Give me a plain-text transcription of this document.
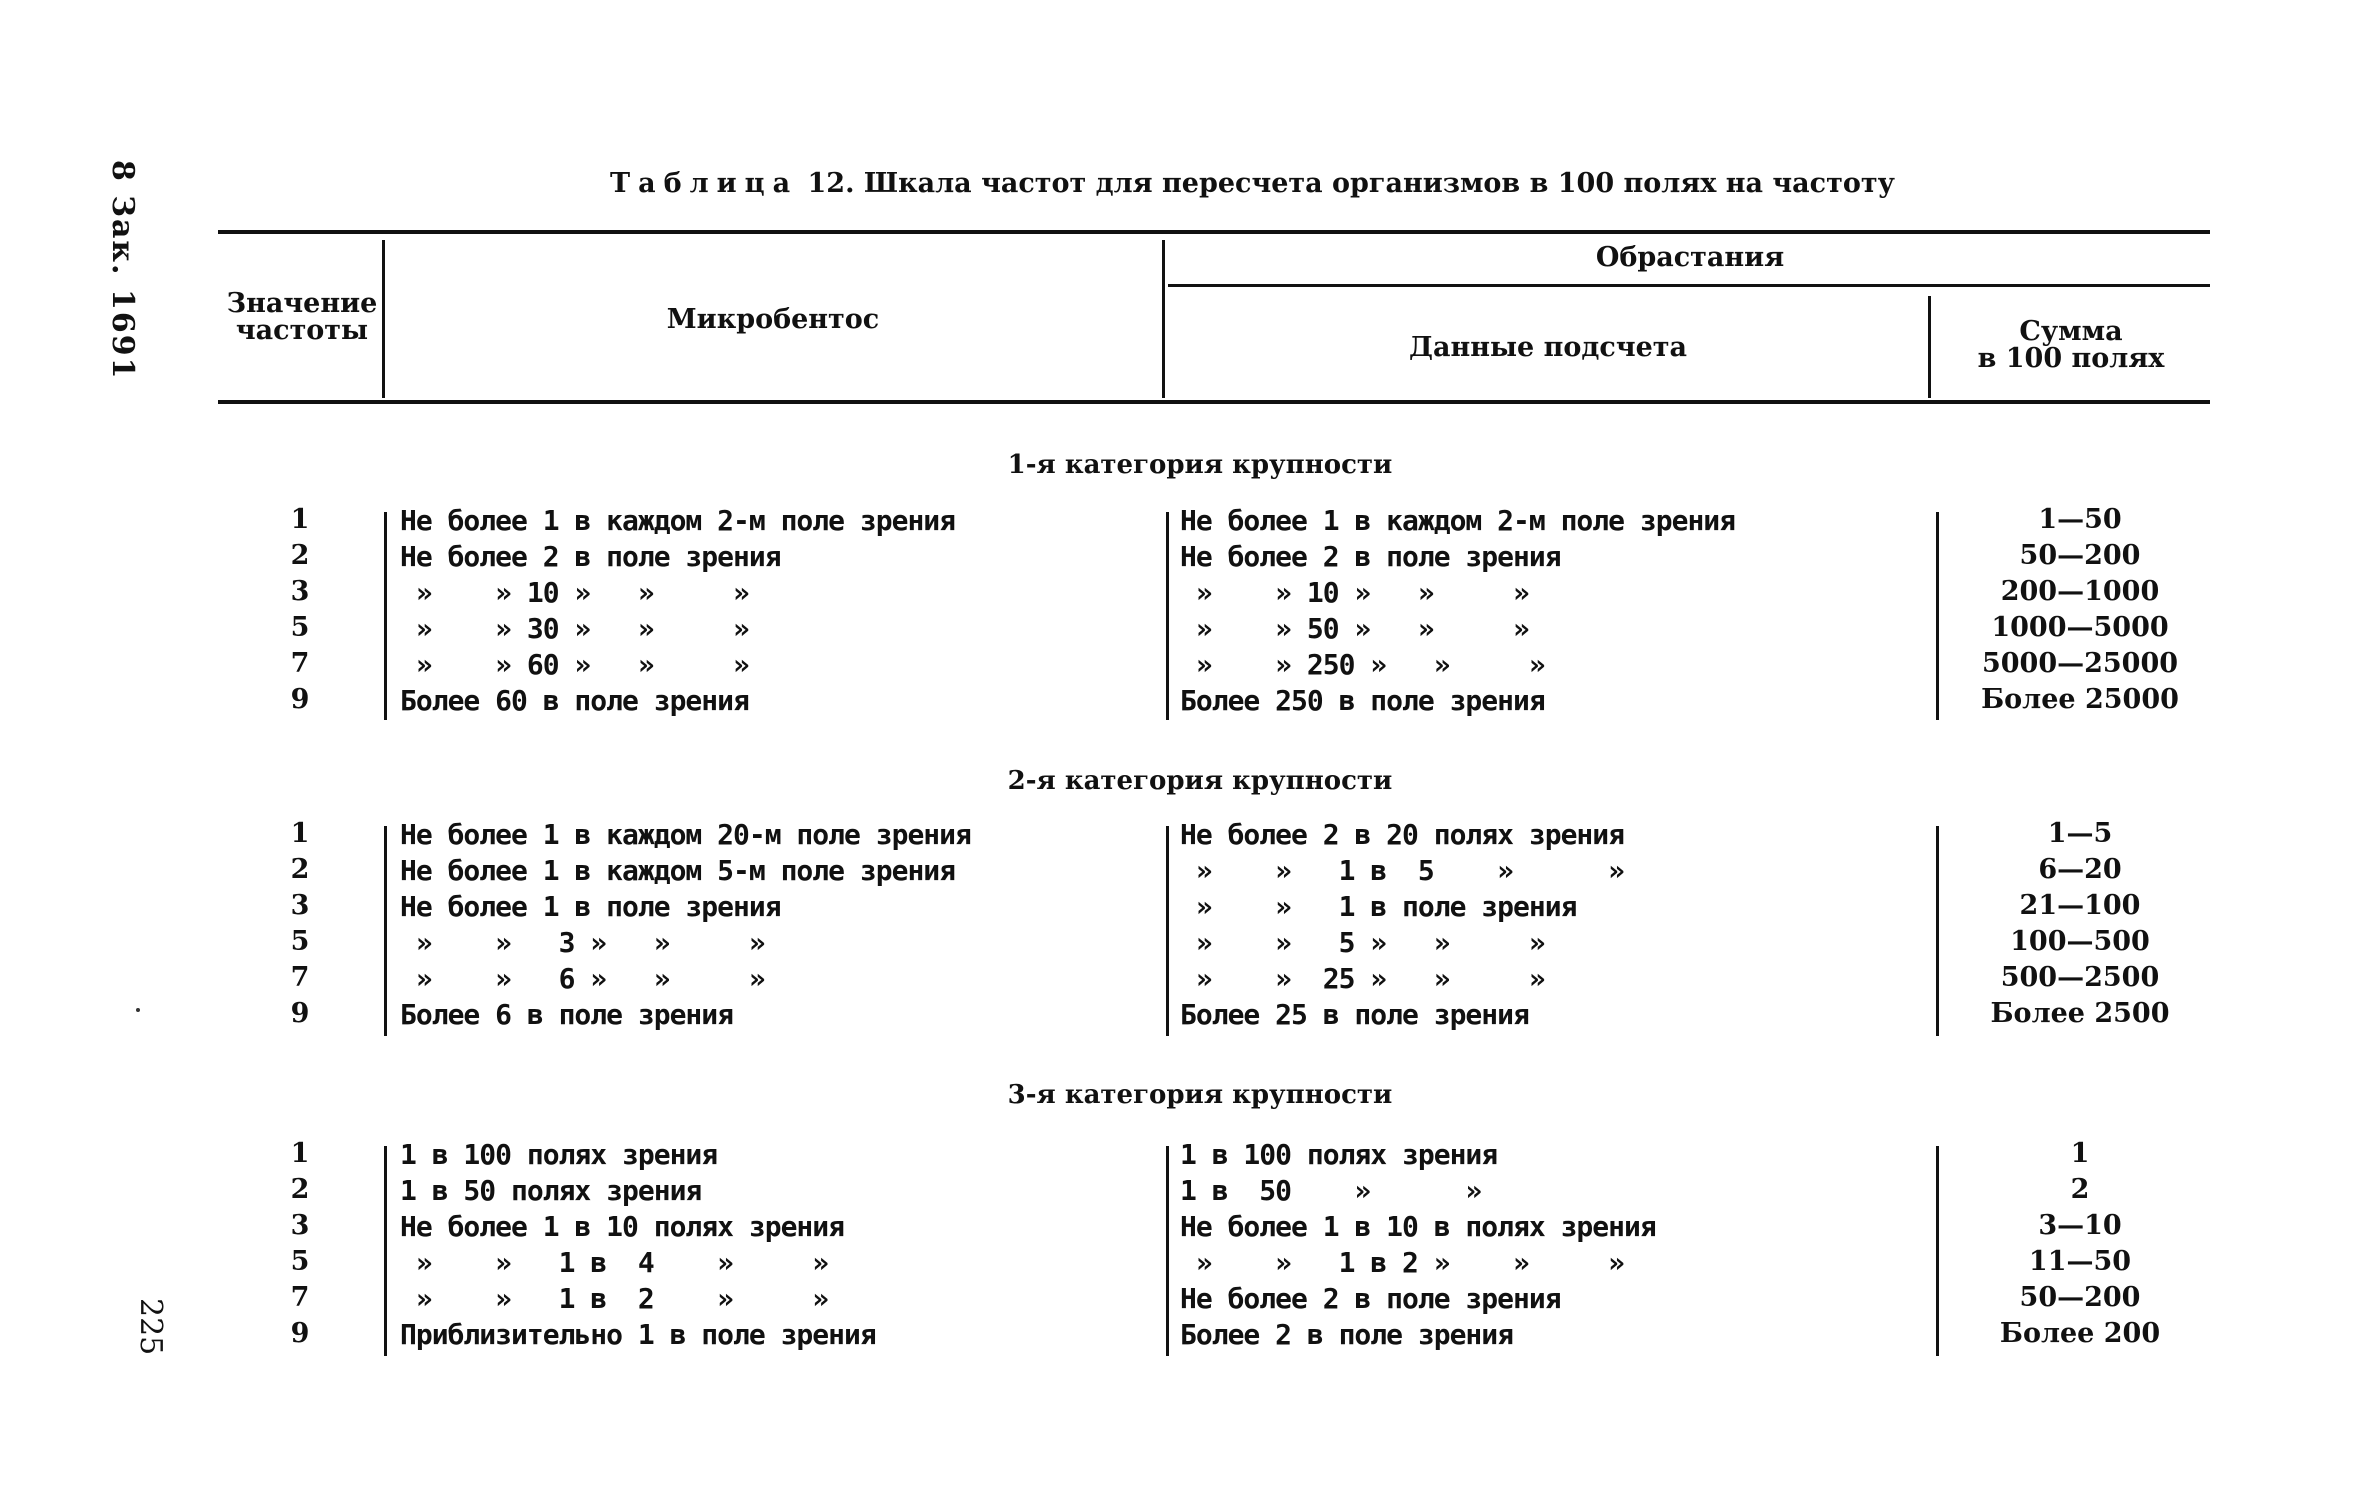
8 Зак. 1691
225
Таблица 12. Шкала частот для пересчета организмов в 100 полях на частоту
Значение
частоты	Микробентос
Обрастания
Данные подсчета
Сумма
в 100 полях
1-я категория крупности
1	Не более 1 в каждом 2-м поле зрения	Не более 1 в каждом 2-м поле зрения	1—50
2	Не более 2 в поле зрения	Не более 2 в поле зрения	50—200
3	»    » 10 »   »     »	»    » 10 »   »     »	200—1000
5	»    » 30 »   »     »	»    » 50 »   »     »	1000—5000
7	»    » 60 »   »     »	»    » 250 »   »     »	5000—25000
9	Более 60 в поле зрения	Более 250 в поле зрения	Более 25000
2-я категория крупности
1	Не более 1 в каждом 20-м поле зрения	Не более 2 в 20 полях зрения	1—5
2	Не более 1 в каждом 5-м поле зрения	»    »   1 в  5    »      »	6—20
3	Не более 1 в поле зрения	»    »   1 в поле зрения	21—100
5	»    »   3 »   »     »	»    »   5 »   »     »	100—500
7	»    »   6 »   »     »	»    »  25 »   »     »	500—2500
9	Более 6 в поле зрения	Более 25 в поле зрения	Более 2500
3-я категория крупности
1	1 в 100 полях зрения	1 в 100 полях зрения	1
2	1 в 50 полях зрения	1 в  50    »      »	2
3	Не более 1 в 10 полях зрения	Не более 1 в 10 в полях зрения	3—10
5	»    »   1 в  4    »     »	»    »   1 в 2 »    »     »	11—50
7	»    »   1 в  2    »     »	Не более 2 в поле зрения	50—200
9	Приблизительно 1 в поле зрения	Более 2 в поле зрения	Более 200
